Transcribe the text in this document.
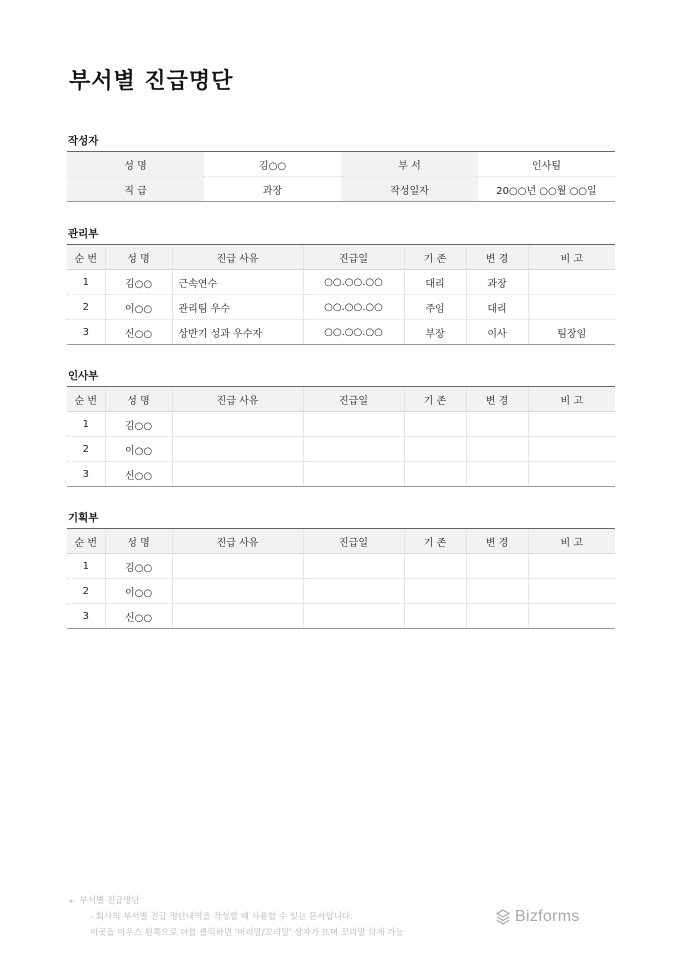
부서별 진급명단
작성자
성 명	김○○	부 서	인사팀
직 급	과장	작성일자	20○○년 ○○월 ○○일
관리부
순 번	성 명	진급 사유	진급일	기 존	변 경	비 고
1	김○○	근속연수	○○.○○.○○	대리	과장	
2	이○○	관리팀 우수	○○.○○.○○	주임	대리	
3	신○○	상반기 성과 우수자	○○.○○.○○	부장	이사	팀장임
인사부
순 번	성 명	진급 사유	진급일	기 존	변 경	비 고
1	김○○					
2	이○○					
3	신○○					
기획부
순 번	성 명	진급 사유	진급일	기 존	변 경	비 고
1	김○○					
2	이○○					
3	신○○					
▸ 부서별 진급명단
- 회사의 부서별 진급 명단내역을 작성할 때 사용할 수 있는 문서입니다.
이곳을 마우스 왼쪽으로 더블 클릭하면 '머리말/꼬리말' 상자가 뜨며 꼬리말 삭제 가능
Bizforms
